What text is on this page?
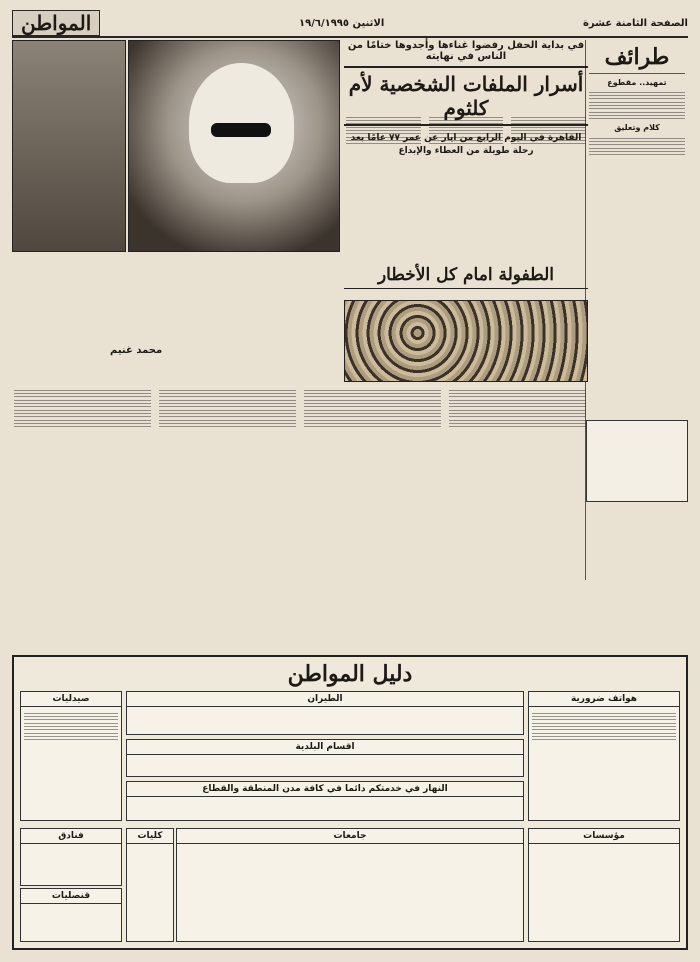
الصفحة الثامنة عشرة
الاثنين ١٩/٦/١٩٩٥
المواطن
طرائف
تمهيد.. مقطوع
كلام وتعليق
في بداية الحفل رفضوا غناءها وأجدوها ختامًا من الناس في نهايته
أسرار الملفات الشخصية لأم كلثوم
القاهرة في اليوم الرابع من ايار عن عمر ٧٧ عامًا بعد رحلة طويلة من العطاء والإبداع
الطفولة امام كل الأخطار
محمد غنيم
دليل المواطن
هواتف ضرورية
صيدليات	الطيران
اقسام البلدية
النهار في خدمتكم دائما في كافة مدن المنطقة والقطاع
مؤسسات
جامعات
كليات
فنادق
قنصليات
